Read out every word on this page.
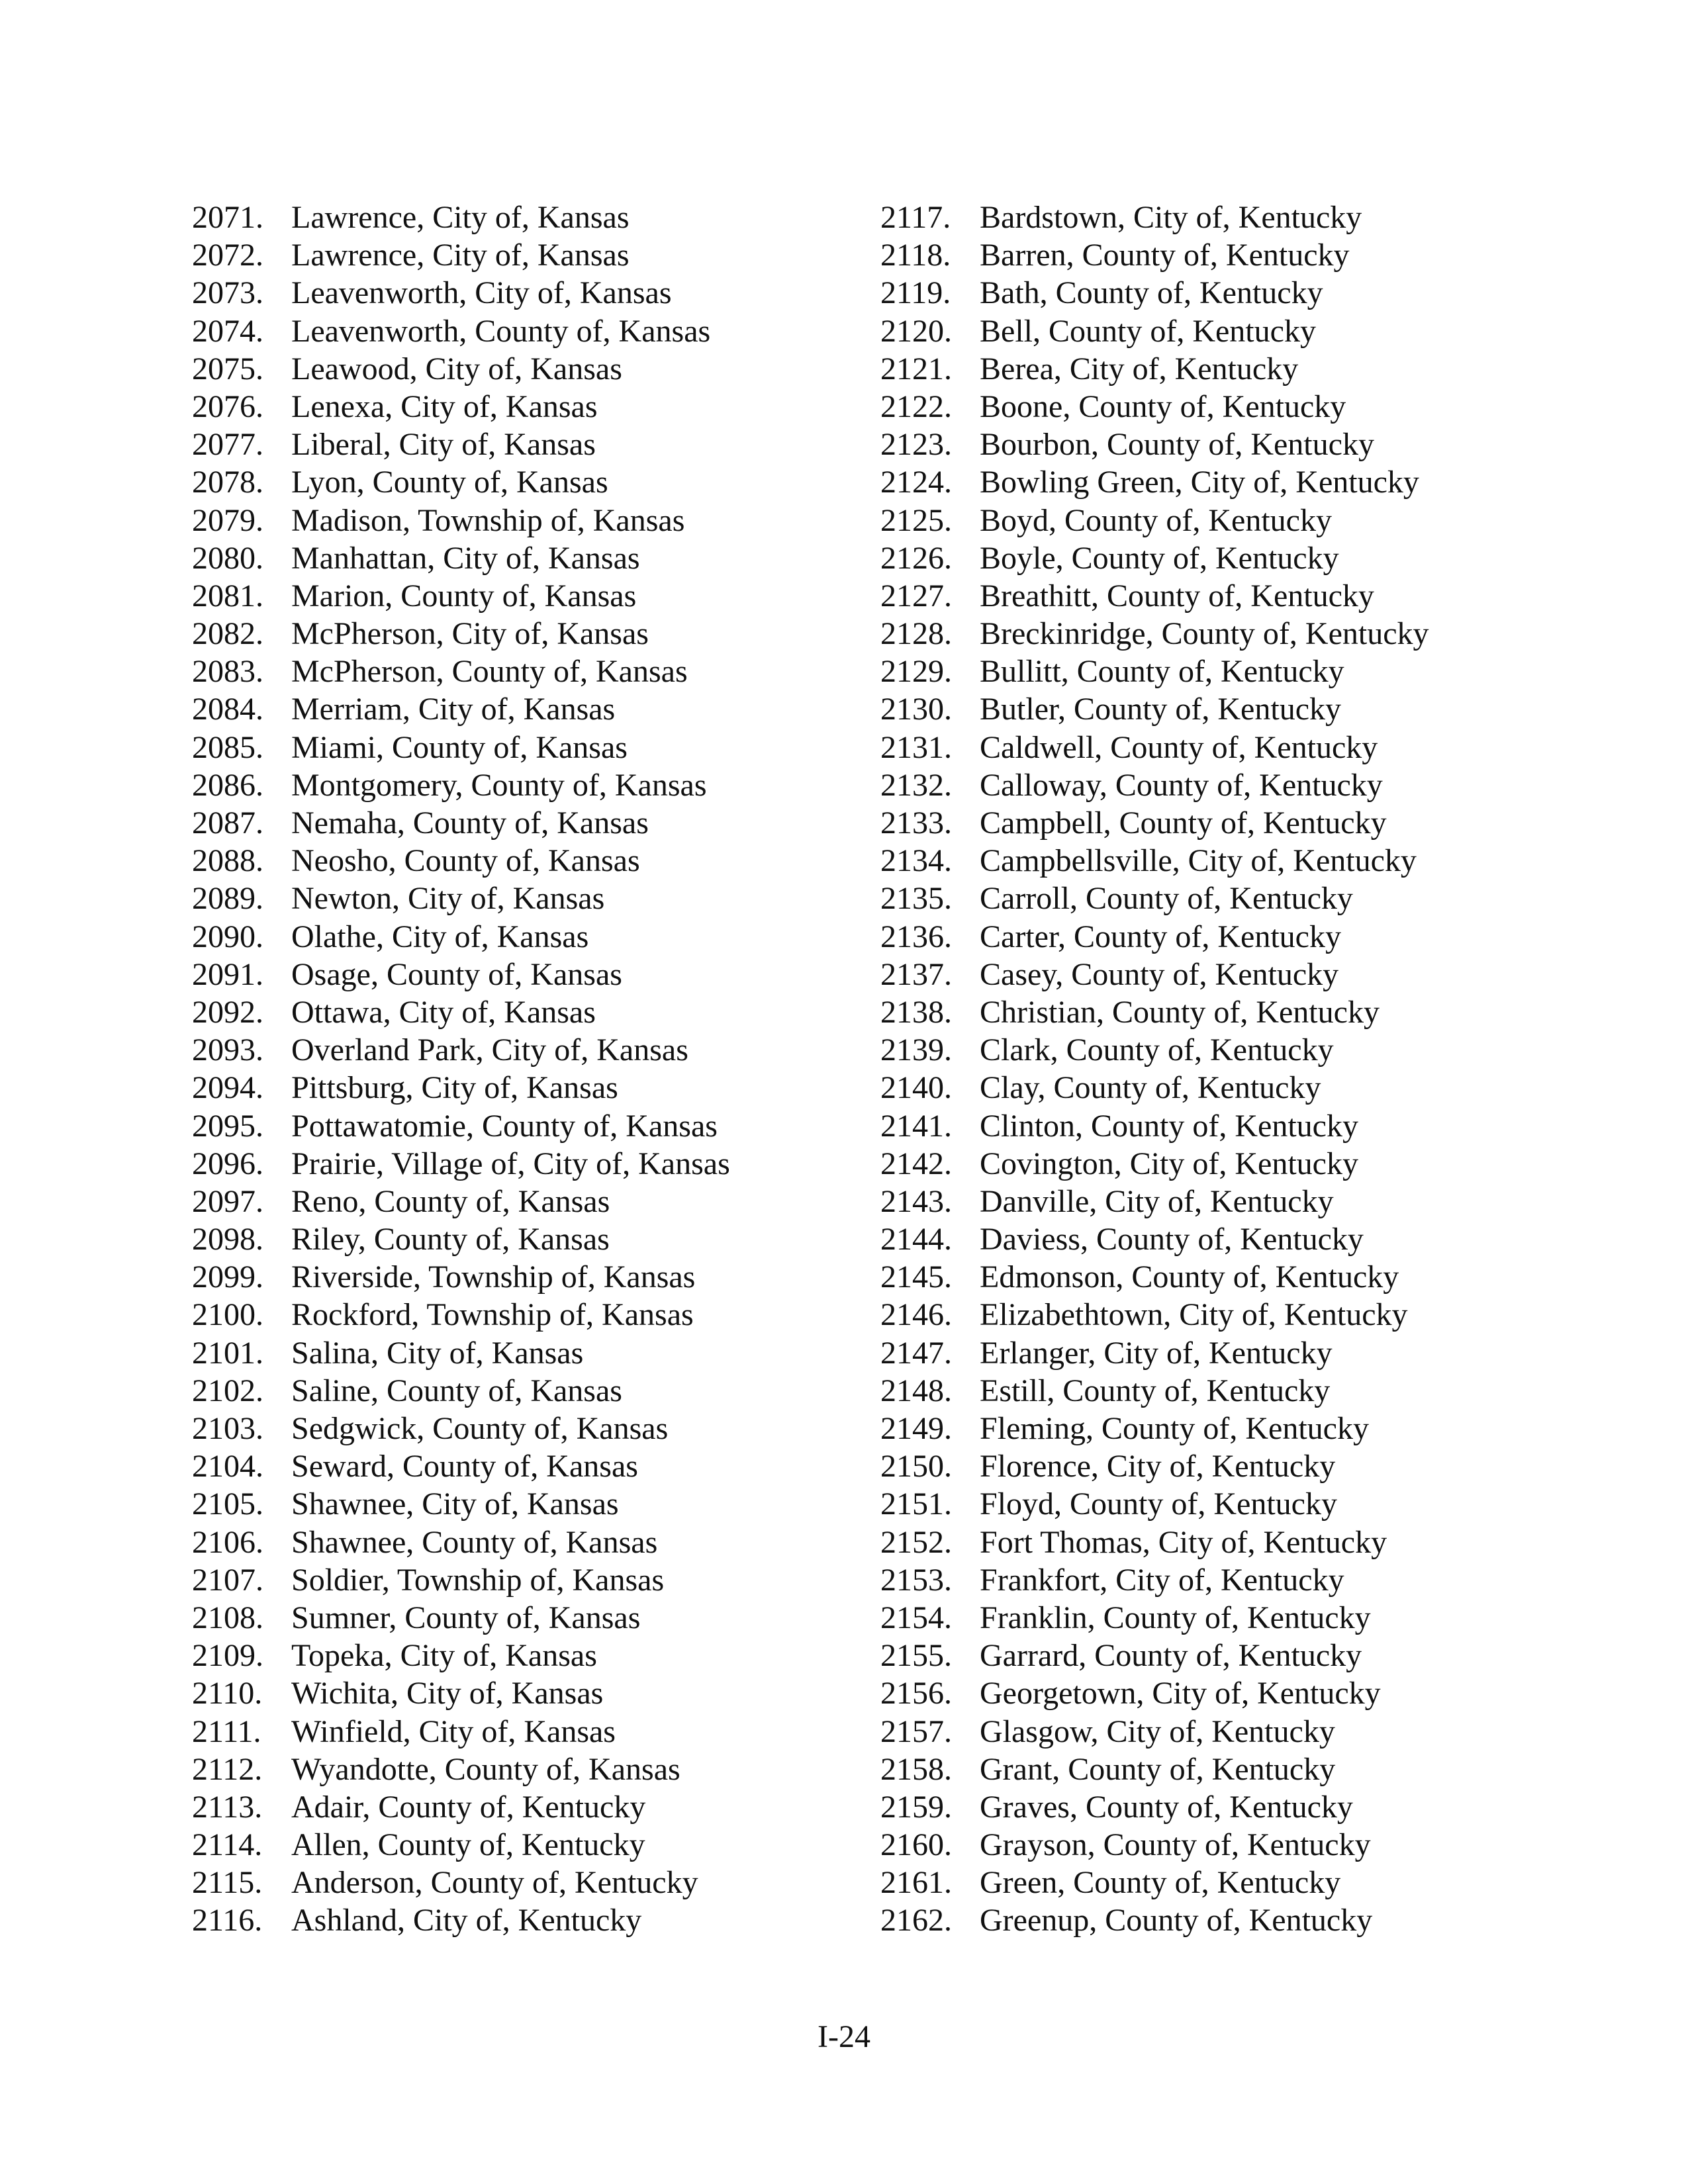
2071. Lawrence, City of, Kansas
2072. Lawrence, City of, Kansas
2073. Leavenworth, City of, Kansas
2074. Leavenworth, County of, Kansas
2075. Leawood, City of, Kansas
2076. Lenexa, City of, Kansas
2077. Liberal, City of, Kansas
2078. Lyon, County of, Kansas
2079. Madison, Township of, Kansas
2080. Manhattan, City of, Kansas
2081. Marion, County of, Kansas
2082. McPherson, City of, Kansas
2083. McPherson, County of, Kansas
2084. Merriam, City of, Kansas
2085. Miami, County of, Kansas
2086. Montgomery, County of, Kansas
2087. Nemaha, County of, Kansas
2088. Neosho, County of, Kansas
2089. Newton, City of, Kansas
2090. Olathe, City of, Kansas
2091. Osage, County of, Kansas
2092. Ottawa, City of, Kansas
2093. Overland Park, City of, Kansas
2094. Pittsburg, City of, Kansas
2095. Pottawatomie, County of, Kansas
2096. Prairie, Village of, City of, Kansas
2097. Reno, County of, Kansas
2098. Riley, County of, Kansas
2099. Riverside, Township of, Kansas
2100. Rockford, Township of, Kansas
2101. Salina, City of, Kansas
2102. Saline, County of, Kansas
2103. Sedgwick, County of, Kansas
2104. Seward, County of, Kansas
2105. Shawnee, City of, Kansas
2106. Shawnee, County of, Kansas
2107. Soldier, Township of, Kansas
2108. Sumner, County of, Kansas
2109. Topeka, City of, Kansas
2110. Wichita, City of, Kansas
2111. Winfield, City of, Kansas
2112. Wyandotte, County of, Kansas
2113. Adair, County of, Kentucky
2114. Allen, County of, Kentucky
2115. Anderson, County of, Kentucky
2116. Ashland, City of, Kentucky
2117. Bardstown, City of, Kentucky
2118. Barren, County of, Kentucky
2119. Bath, County of, Kentucky
2120. Bell, County of, Kentucky
2121. Berea, City of, Kentucky
2122. Boone, County of, Kentucky
2123. Bourbon, County of, Kentucky
2124. Bowling Green, City of, Kentucky
2125. Boyd, County of, Kentucky
2126. Boyle, County of, Kentucky
2127. Breathitt, County of, Kentucky
2128. Breckinridge, County of, Kentucky
2129. Bullitt, County of, Kentucky
2130. Butler, County of, Kentucky
2131. Caldwell, County of, Kentucky
2132. Calloway, County of, Kentucky
2133. Campbell, County of, Kentucky
2134. Campbellsville, City of, Kentucky
2135. Carroll, County of, Kentucky
2136. Carter, County of, Kentucky
2137. Casey, County of, Kentucky
2138. Christian, County of, Kentucky
2139. Clark, County of, Kentucky
2140. Clay, County of, Kentucky
2141. Clinton, County of, Kentucky
2142. Covington, City of, Kentucky
2143. Danville, City of, Kentucky
2144. Daviess, County of, Kentucky
2145. Edmonson, County of, Kentucky
2146. Elizabethtown, City of, Kentucky
2147. Erlanger, City of, Kentucky
2148. Estill, County of, Kentucky
2149. Fleming, County of, Kentucky
2150. Florence, City of, Kentucky
2151. Floyd, County of, Kentucky
2152. Fort Thomas, City of, Kentucky
2153. Frankfort, City of, Kentucky
2154. Franklin, County of, Kentucky
2155. Garrard, County of, Kentucky
2156. Georgetown, City of, Kentucky
2157. Glasgow, City of, Kentucky
2158. Grant, County of, Kentucky
2159. Graves, County of, Kentucky
2160. Grayson, County of, Kentucky
2161. Green, County of, Kentucky
2162. Greenup, County of, Kentucky
I-24
